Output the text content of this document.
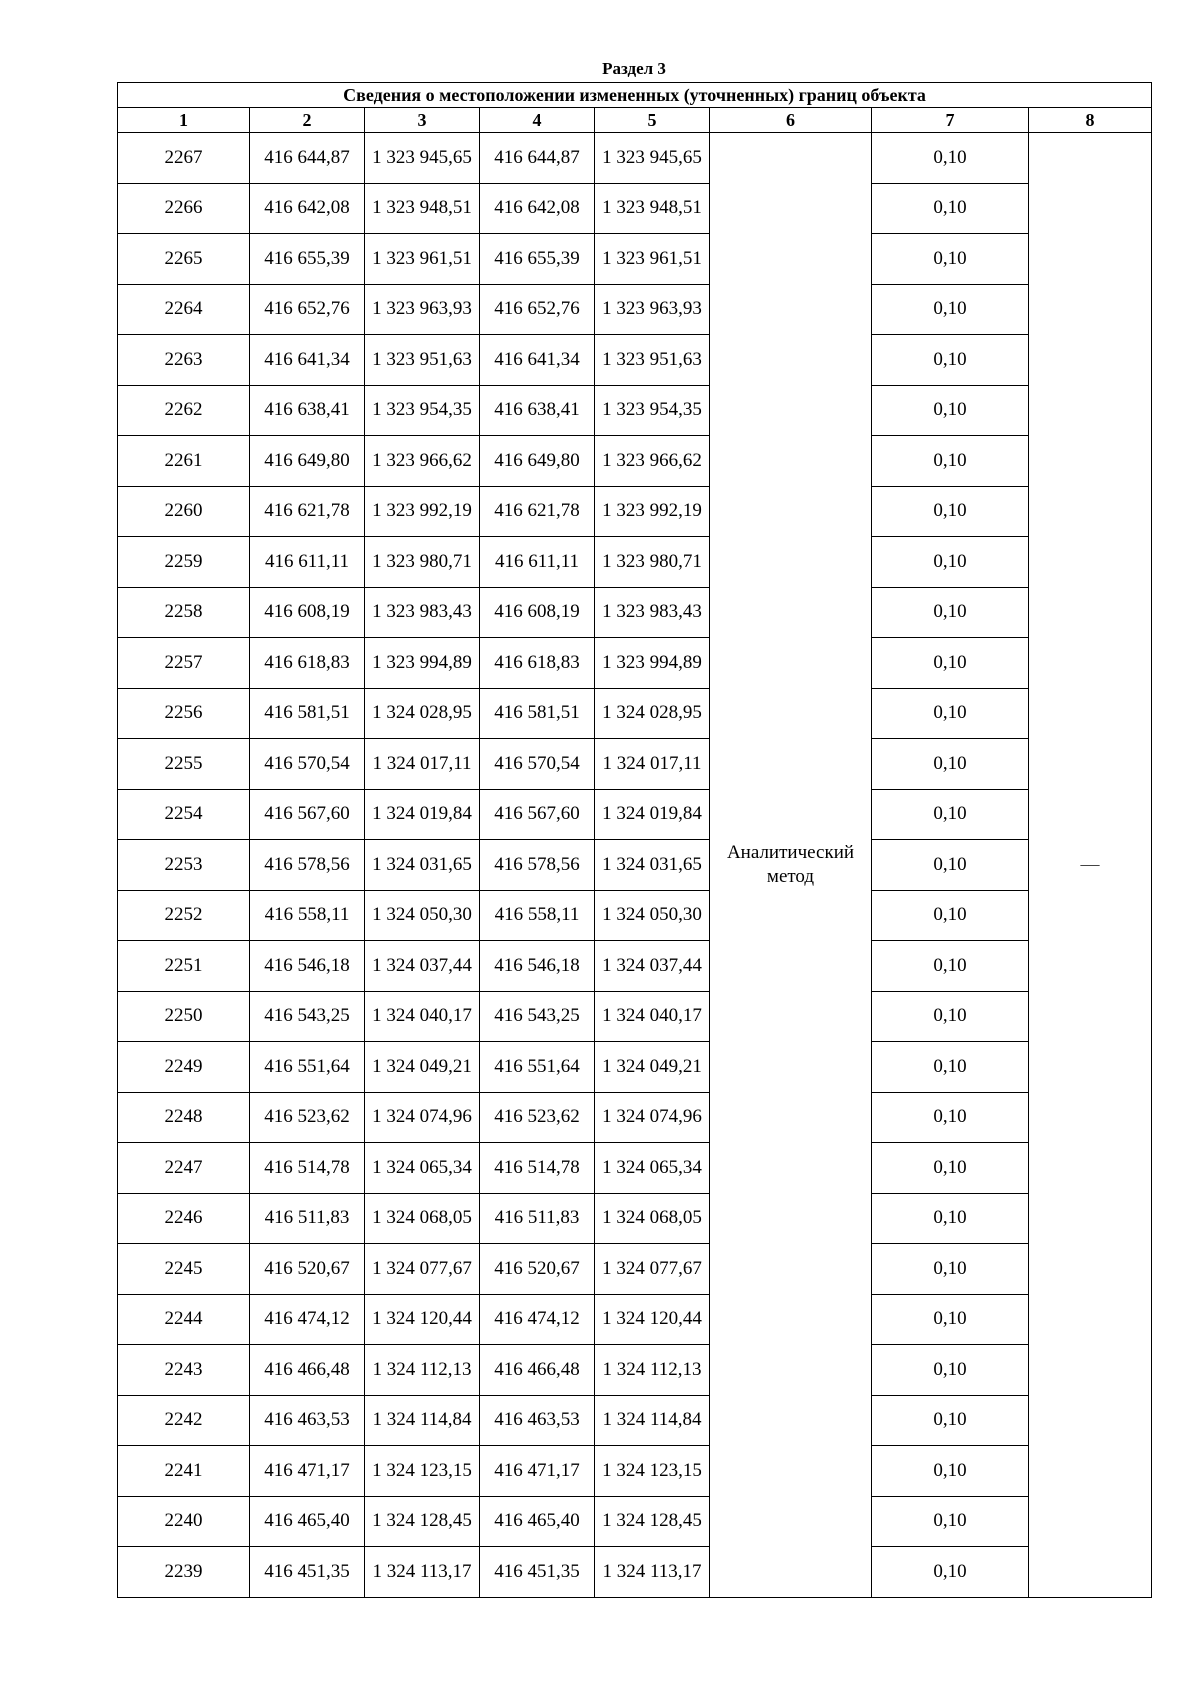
Раздел 3
Сведения о местоположении измененных (уточненных) границ объекта							
1	2	3	4	5	6	7	8
2267	416 644,87	1 323 945,65	416 644,87	1 323 945,65	Аналитический метод	0,10	—
2266	416 642,08	1 323 948,51	416 642,08	1 323 948,51		0,10	
2265	416 655,39	1 323 961,51	416 655,39	1 323 961,51		0,10	
2264	416 652,76	1 323 963,93	416 652,76	1 323 963,93		0,10	
2263	416 641,34	1 323 951,63	416 641,34	1 323 951,63		0,10	
2262	416 638,41	1 323 954,35	416 638,41	1 323 954,35		0,10	
2261	416 649,80	1 323 966,62	416 649,80	1 323 966,62		0,10	
2260	416 621,78	1 323 992,19	416 621,78	1 323 992,19		0,10	
2259	416 611,11	1 323 980,71	416 611,11	1 323 980,71		0,10	
2258	416 608,19	1 323 983,43	416 608,19	1 323 983,43		0,10	
2257	416 618,83	1 323 994,89	416 618,83	1 323 994,89		0,10	
2256	416 581,51	1 324 028,95	416 581,51	1 324 028,95		0,10	
2255	416 570,54	1 324 017,11	416 570,54	1 324 017,11		0,10	
2254	416 567,60	1 324 019,84	416 567,60	1 324 019,84		0,10	
2253	416 578,56	1 324 031,65	416 578,56	1 324 031,65		0,10	
2252	416 558,11	1 324 050,30	416 558,11	1 324 050,30		0,10	
2251	416 546,18	1 324 037,44	416 546,18	1 324 037,44		0,10	
2250	416 543,25	1 324 040,17	416 543,25	1 324 040,17		0,10	
2249	416 551,64	1 324 049,21	416 551,64	1 324 049,21		0,10	
2248	416 523,62	1 324 074,96	416 523,62	1 324 074,96		0,10	
2247	416 514,78	1 324 065,34	416 514,78	1 324 065,34		0,10	
2246	416 511,83	1 324 068,05	416 511,83	1 324 068,05		0,10	
2245	416 520,67	1 324 077,67	416 520,67	1 324 077,67		0,10	
2244	416 474,12	1 324 120,44	416 474,12	1 324 120,44		0,10	
2243	416 466,48	1 324 112,13	416 466,48	1 324 112,13		0,10	
2242	416 463,53	1 324 114,84	416 463,53	1 324 114,84		0,10	
2241	416 471,17	1 324 123,15	416 471,17	1 324 123,15		0,10	
2240	416 465,40	1 324 128,45	416 465,40	1 324 128,45		0,10	
2239	416 451,35	1 324 113,17	416 451,35	1 324 113,17		0,10	
